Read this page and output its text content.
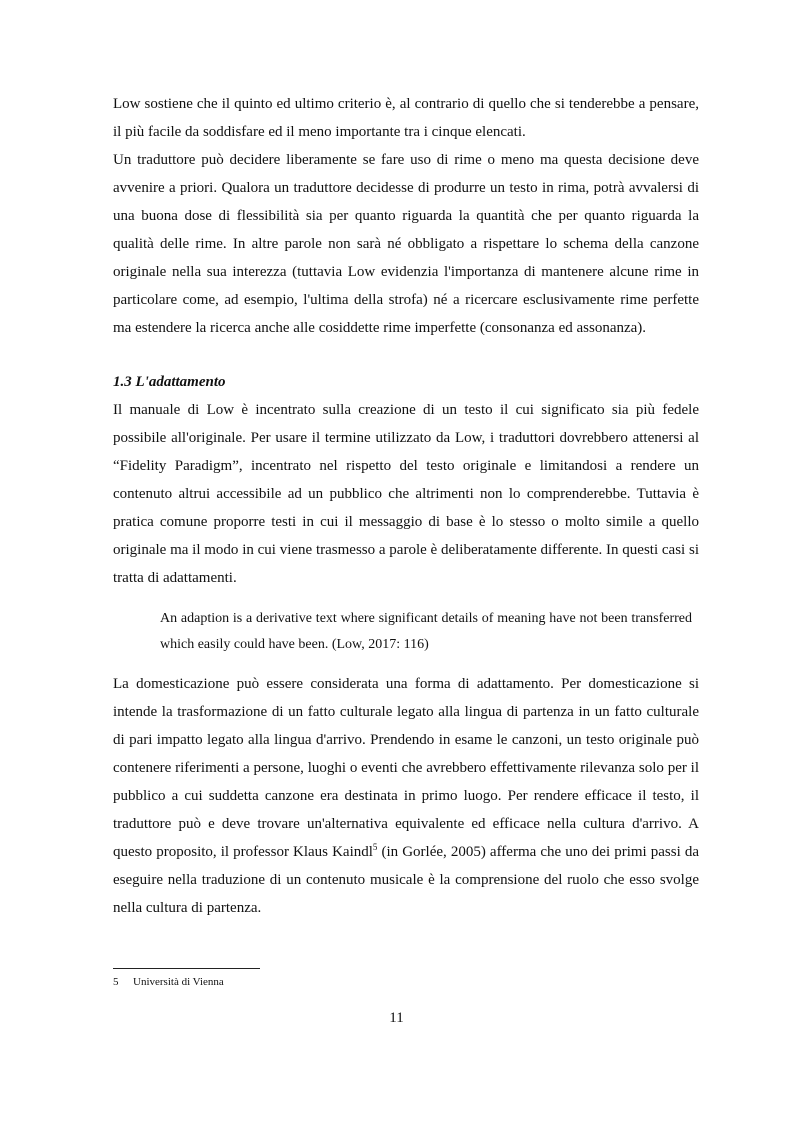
Low sostiene che il quinto ed ultimo criterio è, al contrario di quello che si tenderebbe a pensare, il più facile da soddisfare ed il meno importante tra i cinque elencati.

Un traduttore può decidere liberamente se fare uso di rime o meno ma questa decisione deve avvenire a priori. Qualora un traduttore decidesse di produrre un testo in rima, potrà avvalersi di una buona dose di flessibilità sia per quanto riguarda la quantità che per quanto riguarda la qualità delle rime. In altre parole non sarà né obbligato a rispettare lo schema della canzone originale nella sua interezza (tuttavia Low evidenzia l'importanza di mantenere alcune rime in particolare come, ad esempio, l'ultima della strofa) né a ricercare esclusivamente rime perfette ma estendere la ricerca anche alle cosiddette rime imperfette (consonanza ed assonanza).

1.3 L'adattamento

Il manuale di Low è incentrato sulla creazione di un testo il cui significato sia più fedele possibile all'originale. Per usare il termine utilizzato da Low, i traduttori dovrebbero attenersi al “Fidelity Paradigm”, incentrato nel rispetto del testo originale e limitandosi a rendere un contenuto altrui accessibile ad un pubblico che altrimenti non lo comprenderebbe. Tuttavia è pratica comune proporre testi in cui il messaggio di base è lo stesso o molto simile a quello originale ma il modo in cui viene trasmesso a parole è deliberatamente differente. In questi casi si tratta di adattamenti.

An adaption is a derivative text where significant details of meaning have not been transferred which easily could have been. (Low, 2017: 116)

La domesticazione può essere considerata una forma di adattamento. Per domesticazione si intende la trasformazione di un fatto culturale legato alla lingua di partenza in un fatto culturale di pari impatto legato alla lingua d'arrivo. Prendendo in esame le canzoni, un testo originale può contenere riferimenti a persone, luoghi o eventi che avrebbero effettivamente rilevanza solo per il pubblico a cui suddetta canzone era destinata in primo luogo. Per rendere efficace il testo, il traduttore può e deve trovare un'alternativa equivalente ed efficace nella cultura d'arrivo. A questo proposito, il professor Klaus Kaindl$^5$ (in Gorlée, 2005) afferma che uno dei primi passi da eseguire nella traduzione di un contenuto musicale è la comprensione del ruolo che esso svolge nella cultura di partenza.

5 Università di Vienna
11
